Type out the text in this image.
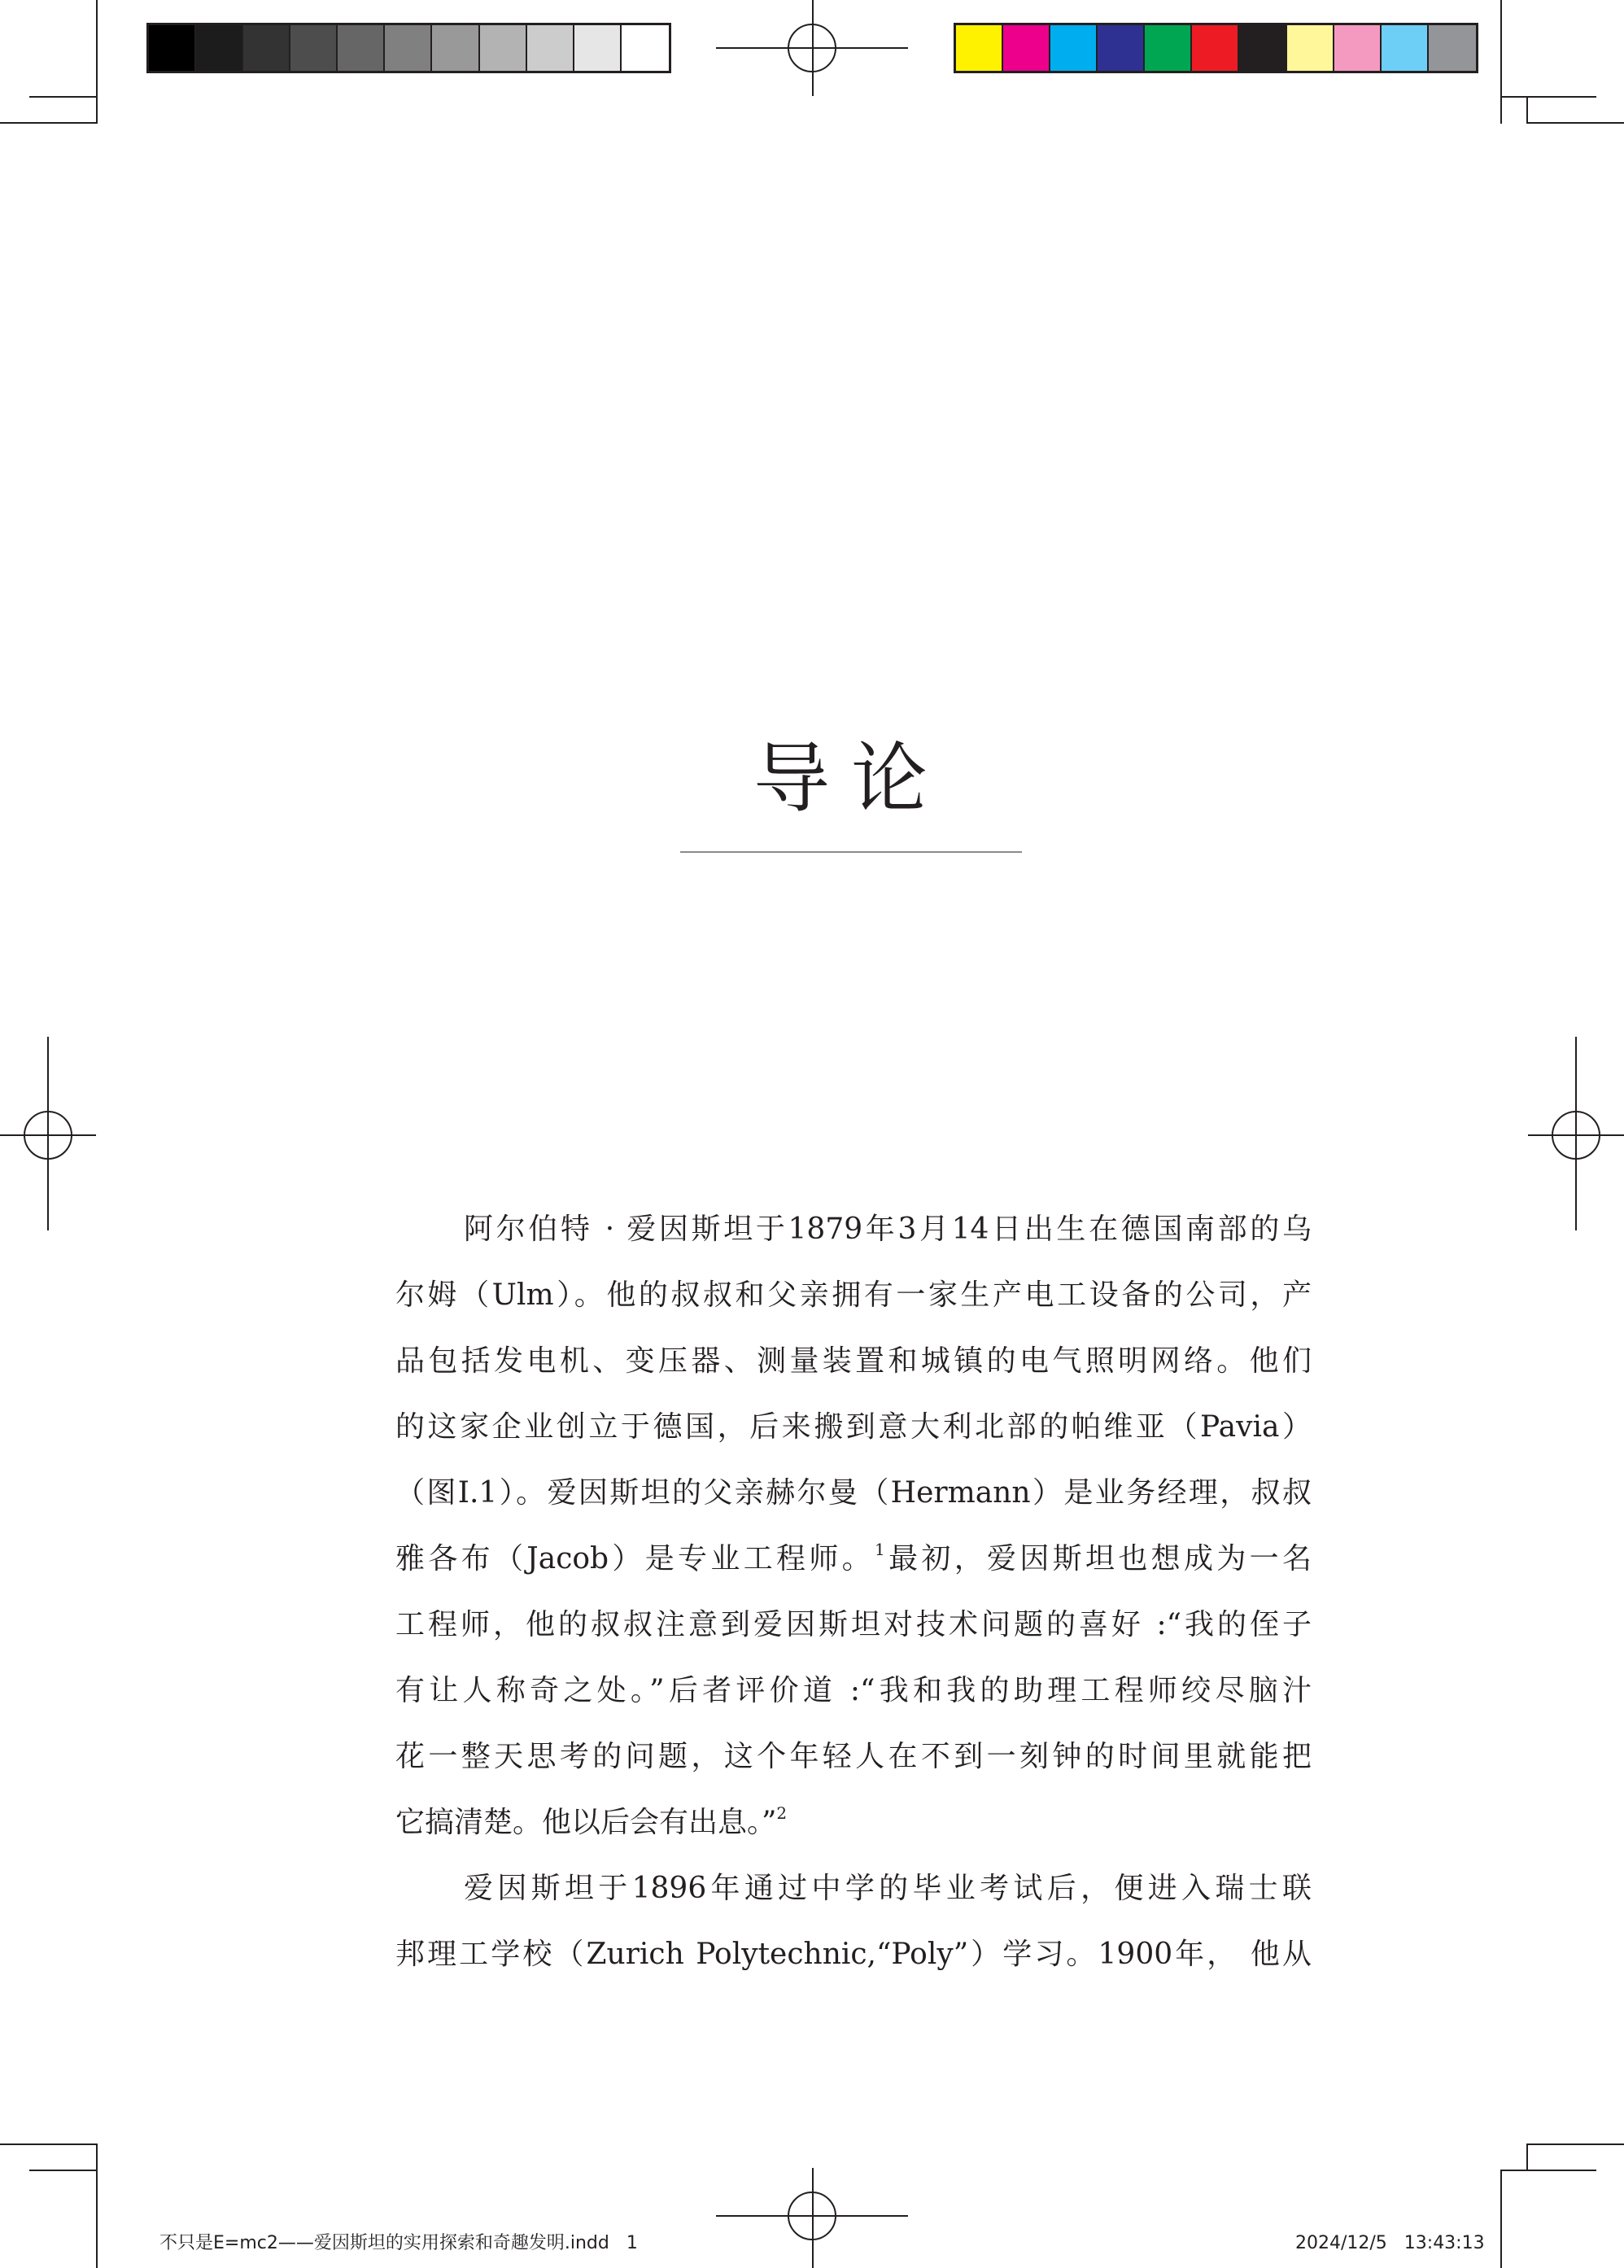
导论
阿尔伯特 · 爱因斯坦于1879年3月14日出生在德国南部的乌
尔姆（Ulm）。他的叔叔和父亲拥有一家生产电工设备的公司，产
品包括发电机、变压器、测量装置和城镇的电气照明网络。他们
的这家企业创立于德国，后来搬到意大利北部的帕维亚（Pavia）
（图I.1）。爱因斯坦的父亲赫尔曼（Hermann）是业务经理，叔叔
雅各布（Jacob）是专业工程师。$^1$最初，爱因斯坦也想成为一名
工程师，他的叔叔注意到爱因斯坦对技术问题的喜好 :“我的侄子
有让人称奇之处。”后者评价道 :“我和我的助理工程师绞尽脑汁
花一整天思考的问题，这个年轻人在不到一刻钟的时间里就能把
它搞清楚。他以后会有出息。”$^2$
爱因斯坦于1896年通过中学的毕业考试后，便进入瑞士联
邦理工学校（Zurich Polytechnic,“Poly”）学习。1900年， 他从
不只是E=mc2——爱因斯坦的实用探索和奇趣发明.indd   1	2024/12/5   13:43:13
